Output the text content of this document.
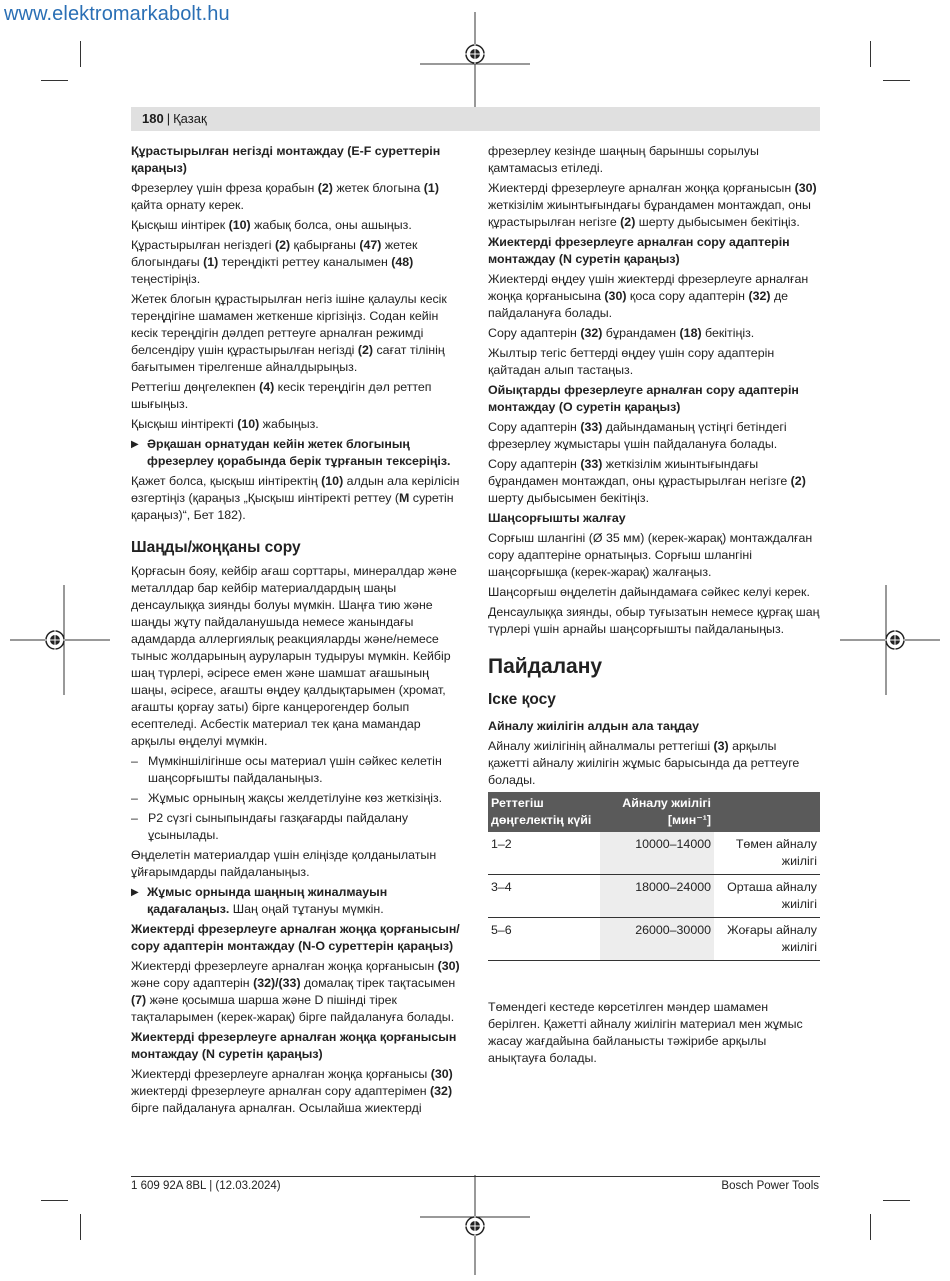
www.elektromarkabolt.hu
180 | Қазақ

Құрастырылған негізді монтаждау (E-F суреттерін қараңыз)

Фрезерлеу үшін фреза қорабын (2) жетек блогына (1) қайта орнату керек.

Қысқыш иінтірек (10) жабық болса, оны ашыңыз.

Құрастырылған негіздегі (2) қабырғаны (47) жетек блогындағы (1) тереңдікті реттеу каналымен (48) теңестіріңіз.

Жетек блогын құрастырылған негіз ішіне қалаулы кесік тереңдігіне шамамен жеткенше кіргізіңіз. Содан кейін кесік тереңдігін дәлдеп реттеуге арналған режимді белсендіру үшін құрастырылған негізді (2) сағат тілінің бағытымен тірелгенше айналдырыңыз.

Реттегіш дөңгелекпен (4) кесік тереңдігін дәл реттеп шығыңыз.

Қысқыш иінтіректі (10) жабыңыз.

▶ Әрқашан орнатудан кейін жетек блогының фрезерлеу қорабында берік тұрғанын тексеріңіз.

Қажет болса, қысқыш иінтіректің (10) алдын ала керілісін өзгертіңіз (қараңыз „Қысқыш иінтіректі реттеу (M суретін қараңыз)“, Бет 182).

Шаңды/жоңқаны сору

Қорғасын бояу, кейбір ағаш сорттары, минералдар және металлдар бар кейбір материалдардың шаңы денсаулыққа зиянды болуы мүмкін. Шаңға тию және шаңды жұту пайдаланушыда немесе жанындағы адамдарда аллергиялық реакцияларды және/немесе тыныс жолдарының ауруларын тудыруы мүмкін. Кейбір шаң түрлері, әсіресе емен және шамшат ағашының шаңы, әсіресе, ағашты өңдеу қалдықтарымен (хромат, ағашты қорғау заты) бірге канцерогендер болып есептеледі. Асбестік материал тек қана мамандар арқылы өңделуі мүмкін.

– Мүмкіншілігінше осы материал үшін сәйкес келетін шаңсорғышты пайдаланыңыз.
– Жұмыс орнының жақсы желдетілуіне көз жеткізіңіз.
– P2 сүзгі сыныпындағы газқағарды пайдалану ұсынылады.

Өңделетін материалдар үшін еліңізде қолданылатын ұйғарымдарды пайдаланыңыз.

▶ Жұмыс орнында шаңның жиналмауын қадағалаңыз. Шаң оңай тұтануы мүмкін.

Жиектерді фрезерлеуге арналған жоңқа қорғанысын/сору адаптерін монтаждау (N-O суреттерін қараңыз)

Жиектерді фрезерлеуге арналған жоңқа қорғанысын (30) және сору адаптерін (32)/(33) домалақ тірек тақтасымен (7) және қосымша шарша және D пішінді тірек тақталарымен (керек-жарақ) бірге пайдалануға болады.

Жиектерді фрезерлеуге арналған жоңқа қорғанысын монтаждау (N суретін қараңыз)

Жиектерді фрезерлеуге арналған жоңқа қорғанысы (30) жиектерді фрезерлеуге арналған сору адаптерімен (32) бірге пайдалануға арналған. Осылайша жиектерді

фрезерлеу кезінде шаңның барыншы сорылуы қамтамасыз етіледі.

Жиектерді фрезерлеуге арналған жоңқа қорғанысын (30) жеткізілім жиынтығындағы бұрандамен монтаждап, оны құрастырылған негізге (2) шерту дыбысымен бекітіңіз.

Жиектерді фрезерлеуге арналған сору адаптерін монтаждау (N суретін қараңыз)

Жиектерді өңдеу үшін жиектерді фрезерлеуге арналған жоңқа қорғанысына (30) қоса сору адаптерін (32) де пайдалануға болады.

Сору адаптерін (32) бұрандамен (18) бекітіңіз.

Жылтыр тегіс беттерді өңдеу үшін сору адаптерін қайтадан алып тастаңыз.

Ойықтарды фрезерлеуге арналған сору адаптерін монтаждау (O суретін қараңыз)

Сору адаптерін (33) дайындаманың үстіңгі бетіндегі фрезерлеу жұмыстары үшін пайдалануға болады.

Сору адаптерін (33) жеткізілім жиынтығындағы бұрандамен монтаждап, оны құрастырылған негізге (2) шерту дыбысымен бекітіңіз.

Шаңсорғышты жалғау

Сорғыш шлангіні (Ø 35 мм) (керек-жарақ) монтаждалған сору адаптеріне орнатыңыз. Сорғыш шлангіні шаңсорғышқа (керек-жарақ) жалғаңыз.

Шаңсорғыш өңделетін дайындамаға сәйкес келуі керек.

Денсаулыққа зиянды, обыр туғызатын немесе құрғақ шаң түрлері үшін арнайы шаңсорғышты пайдаланыңыз.

Пайдалану
Іске қосу

Айналу жиілігін алдын ала таңдау

Айналу жиілігінің айналмалы реттегіші (3) арқылы қажетті айналу жиілігін жұмыс барысында да реттеуге болады.

Реттегіш дөңгелектің күйі	Айналу жиілігі [мин⁻¹]	
1–2	10000–14000	Төмен айналу жиілігі
3–4	18000–24000	Орташа айналу жиілігі
5–6	26000–30000	Жоғары айналу жиілігі

Төмендегі кестеде көрсетілген мәндер шамамен берілген. Қажетті айналу жиілігін материал мен жұмыс жасау жағдайына байланысты тәжірибе арқылы анықтауға болады.

1 609 92A 8BL | (12.03.2024)	Bosch Power Tools
